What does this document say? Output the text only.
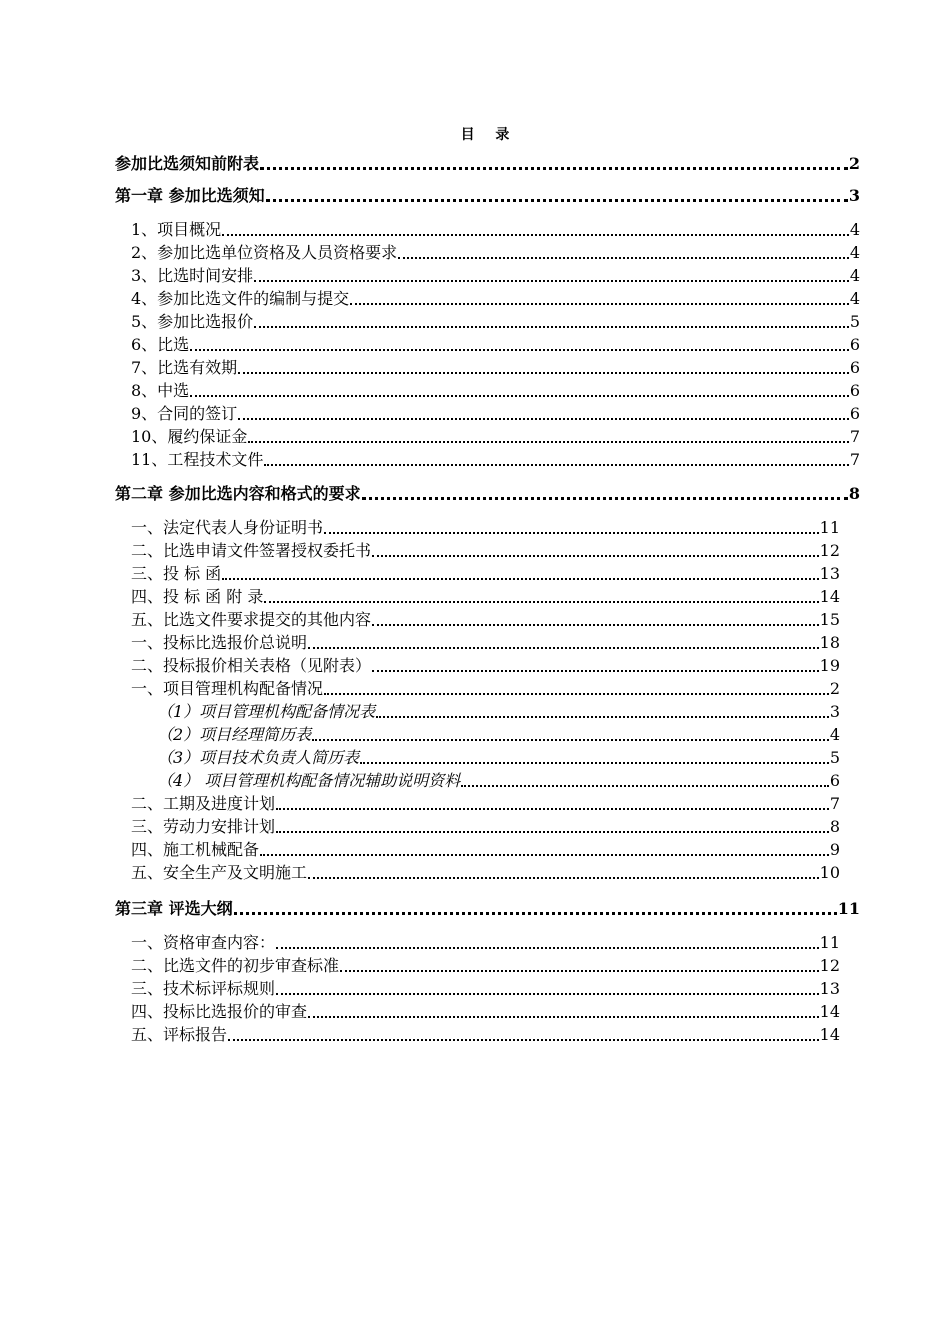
目 录
参加比选须知前附表	2
第一章 参加比选须知	3
1、项目概况	4
2、参加比选单位资格及人员资格要求	4
3、比选时间安排	4
4、参加比选文件的编制与提交	4
5、参加比选报价	5
6、比选	6
7、比选有效期	6
8、中选	6
9、合同的签订	6
10、履约保证金	7
11、工程技术文件	7
第二章 参加比选内容和格式的要求	8
一、法定代表人身份证明书	11
二、比选申请文件签署授权委托书	12
三、投 标 函	13
四、投 标 函 附 录	14
五、比选文件要求提交的其他内容	15
一、投标比选报价总说明	18
二、投标报价相关表格（见附表）	19
一、项目管理机构配备情况	2
（1）项目管理机构配备情况表	3
（2）项目经理简历表	4
（3）项目技术负责人简历表	5
（4） 项目管理机构配备情况辅助说明资料	6
二、工期及进度计划	7
三、劳动力安排计划	8
四、施工机械配备	9
五、安全生产及文明施工	10
第三章 评选大纲	11
一、资格审查内容：	11
二、比选文件的初步审查标准	12
三、技术标评标规则	13
四、投标比选报价的审查	14
五、评标报告	14
